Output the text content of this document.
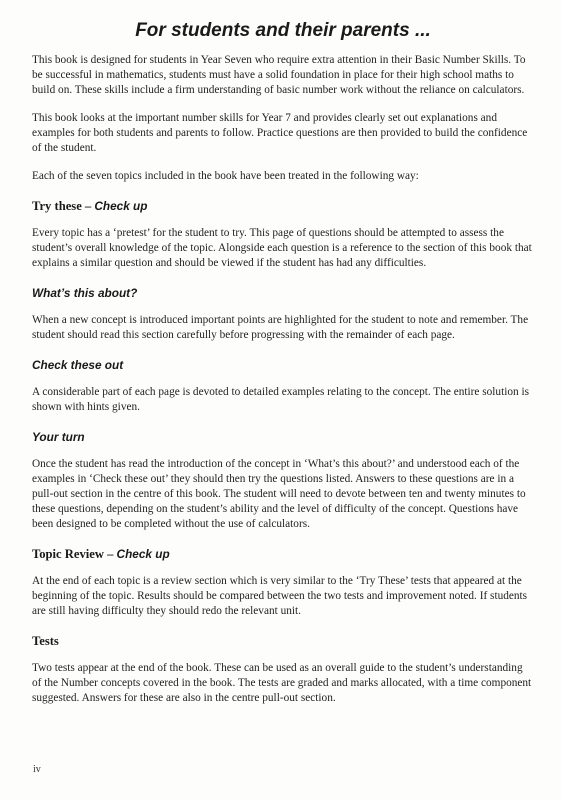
For students and their parents ...

This book is designed for students in Year Seven who require extra attention in their Basic Number Skills. To be successful in mathematics, students must have a solid foundation in place for their high school maths to build on. These skills include a firm understanding of basic number work without the reliance on calculators.

This book looks at the important number skills for Year 7 and provides clearly set out explanations and examples for both students and parents to follow. Practice questions are then provided to build the confidence of the student.

Each of the seven topics included in the book have been treated in the following way:

Try these – Check up

Every topic has a ‘pretest’ for the student to try. This page of questions should be attempted to assess the student’s overall knowledge of the topic. Alongside each question is a reference to the section of this book that explains a similar question and should be viewed if the student has had any difficulties.

What’s this about?

When a new concept is introduced important points are highlighted for the student to note and remember. The student should read this section carefully before progressing with the remainder of each page.

Check these out

A considerable part of each page is devoted to detailed examples relating to the concept. The entire solution is shown with hints given.

Your turn

Once the student has read the introduction of the concept in ‘What’s this about?’ and understood each of the examples in ‘Check these out’ they should then try the questions listed. Answers to these questions are in a pull-out section in the centre of this book. The student will need to devote between ten and twenty minutes to these questions, depending on the student’s ability and the level of difficulty of the concept. Questions have been designed to be completed without the use of calculators.

Topic Review – Check up

At the end of each topic is a review section which is very similar to the ‘Try These’ tests that appeared at the beginning of the topic. Results should be compared between the two tests and improvement noted. If students are still having difficulty they should redo the relevant unit.

Tests

Two tests appear at the end of the book. These can be used as an overall guide to the student’s understanding of the Number concepts covered in the book. The tests are graded and marks allocated, with a time component suggested. Answers for these are also in the centre pull-out section.

iv
